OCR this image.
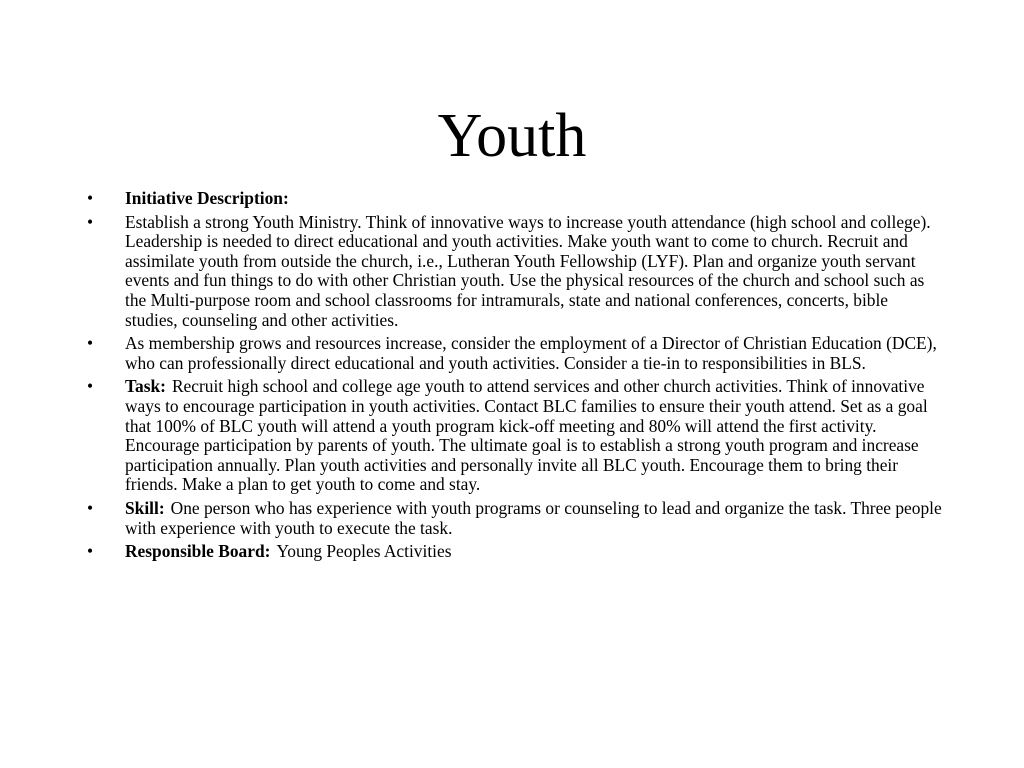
Youth
• Initiative Description:
• Establish a strong Youth Ministry. Think of innovative ways to increase youth attendance (high school and college). Leadership is needed to direct educational and youth activities. Make youth want to come to church. Recruit and assimilate youth from outside the church, i.e., Lutheran Youth Fellowship (LYF). Plan and organize youth servant events and fun things to do with other Christian youth. Use the physical resources of the church and school such as the Multi-purpose room and school classrooms for intramurals, state and national conferences, concerts, bible studies, counseling and other activities.
• As membership grows and resources increase, consider the employment of a Director of Christian Education (DCE), who can professionally direct educational and youth activities. Consider a tie-in to responsibilities in BLS.
• Task: Recruit high school and college age youth to attend services and other church activities. Think of innovative ways to encourage participation in youth activities. Contact BLC families to ensure their youth attend. Set as a goal that 100% of BLC youth will attend a youth program kick-off meeting and 80% will attend the first activity. Encourage participation by parents of youth. The ultimate goal is to establish a strong youth program and increase participation annually. Plan youth activities and personally invite all BLC youth. Encourage them to bring their friends. Make a plan to get youth to come and stay.
• Skill: One person who has experience with youth programs or counseling to lead and organize the task. Three people with experience with youth to execute the task.
• Responsible Board: Young Peoples Activities
